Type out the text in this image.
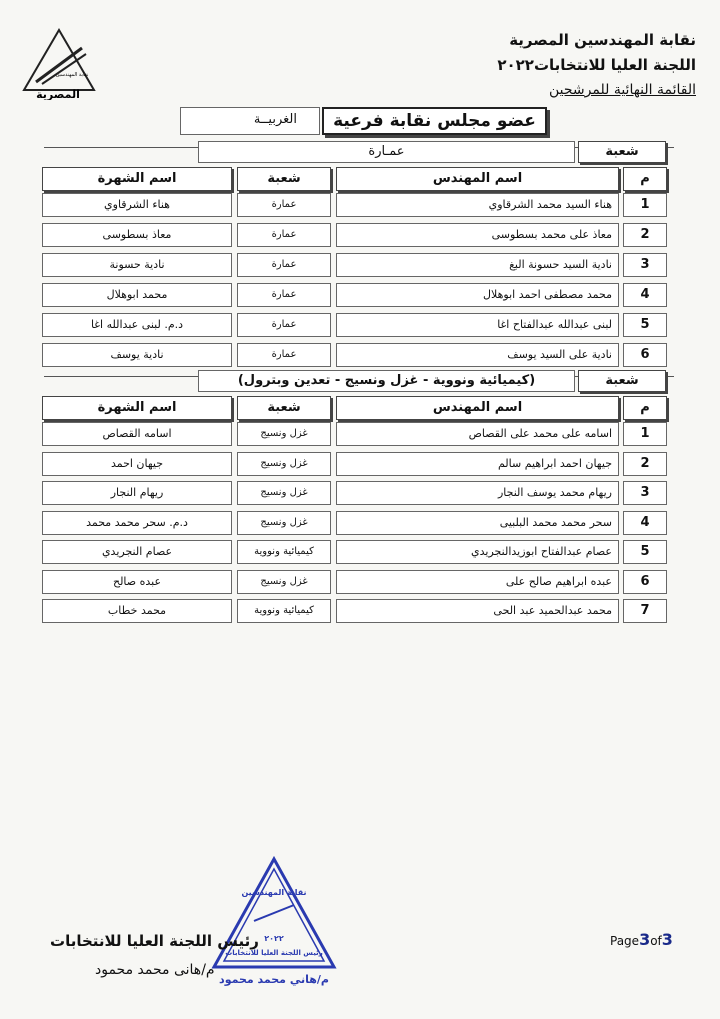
المصرية
نقابة المهندسين
نقابة المهندسين المصرية
اللجنة العليا للانتخابات٢٠٢٢
القائمة النهائية للمرشحين
عضو مجلس نقابة فرعية
الغربيــة
شعبة
عمـارة
م
اسم المهندس
شعبة
اسم الشهرة
1
هناء السيد محمد الشرقاوي
عمارة
هناء الشرقاوي
2
معاذ على محمد بسطوسى
عمارة
معاذ بسطوسى
3
نادية السيد حسونة البغ
عمارة
نادية حسونة
4
محمد مصطفى احمد ابوهلال
عمارة
محمد ابوهلال
5
لبنى عبدالله عبدالفتاح اغا
عمارة
د.م. لبنى عبدالله اغا
6
نادية على السيد يوسف
عمارة
نادية يوسف
شعبة
(كيميائية ونووية - غزل ونسيج - تعدين وبترول)
م
اسم المهندس
شعبة
اسم الشهرة
1
اسامه على محمد على القصاص
غزل ونسيج
اسامه القصاص
2
جيهان احمد ابراهيم سالم
غزل ونسيج
جيهان احمد
3
ريهام محمد يوسف النجار
غزل ونسيج
ريهام النجار
4
سحر محمد محمد البلبيى
غزل ونسيج
د.م. سحر محمد محمد
5
عصام عبدالفتاح ابوزيدالنجريدي
كيميائية ونووية
عصام النجريدي
6
عبده ابراهيم صالح على
غزل ونسيج
عبده صالح
7
محمد عبدالحميد عبد الحى
كيميائية ونووية
محمد خطاب
نقابة المهندسين
٢٠٢٢
رئيس اللجنة العليا للانتخابات
م/هاني محمد محمود
Page3of3
رئيس اللجنة العليا للانتخابات
م/هانى محمد محمود
